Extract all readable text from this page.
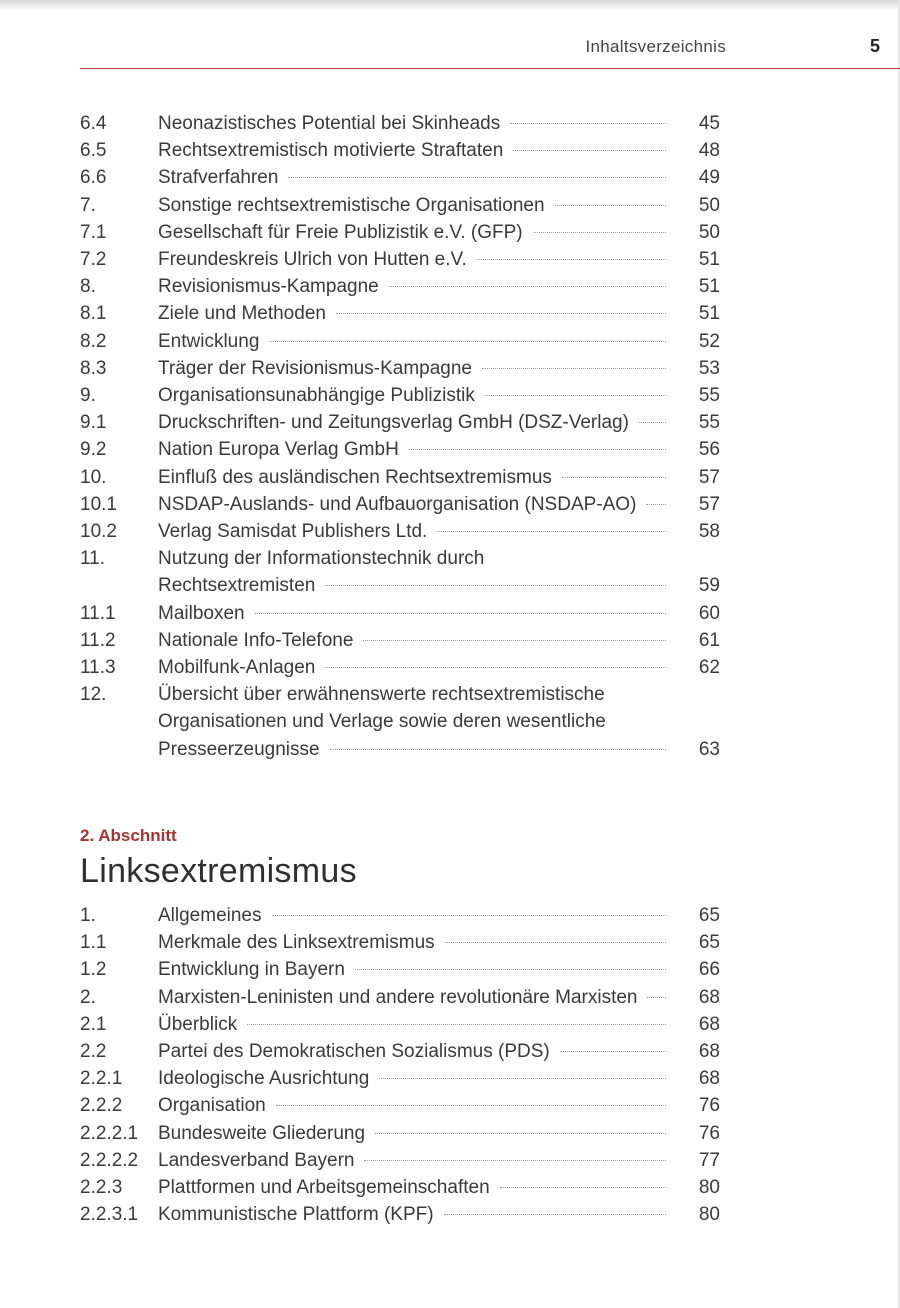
Inhaltsverzeichnis	5
6.4	Neonazistisches Potential bei Skinheads	45
6.5	Rechtsextremistisch motivierte Straftaten	48
6.6	Strafverfahren	49
7.	Sonstige rechtsextremistische Organisationen	50
7.1	Gesellschaft für Freie Publizistik e.V. (GFP)	50
7.2	Freundeskreis Ulrich von Hutten e.V.	51
8.	Revisionismus-Kampagne	51
8.1	Ziele und Methoden	51
8.2	Entwicklung	52
8.3	Träger der Revisionismus-Kampagne	53
9.	Organisationsunabhängige Publizistik	55
9.1	Druckschriften- und Zeitungsverlag GmbH (DSZ-Verlag)	55
9.2	Nation Europa Verlag GmbH	56
10.	Einfluß des ausländischen Rechtsextremismus	57
10.1	NSDAP-Auslands- und Aufbauorganisation (NSDAP-AO)	57
10.2	Verlag Samisdat Publishers Ltd.	58
11.	Nutzung der Informationstechnik durch
Rechtsextremisten	59
11.1	Mailboxen	60
11.2	Nationale Info-Telefone	61
11.3	Mobilfunk-Anlagen	62
12.	Übersicht über erwähnenswerte rechtsextremistische
Organisationen und Verlage sowie deren wesentliche
Presseerzeugnisse	63
2. Abschnitt
Linksextremismus
1.	Allgemeines	65
1.1	Merkmale des Linksextremismus	65
1.2	Entwicklung in Bayern	66
2.	Marxisten-Leninisten und andere revolutionäre Marxisten	68
2.1	Überblick	68
2.2	Partei des Demokratischen Sozialismus (PDS)	68
2.2.1	Ideologische Ausrichtung	68
2.2.2	Organisation	76
2.2.2.1	Bundesweite Gliederung	76
2.2.2.2	Landesverband Bayern	77
2.2.3	Plattformen und Arbeitsgemeinschaften	80
2.2.3.1	Kommunistische Plattform (KPF)	80
